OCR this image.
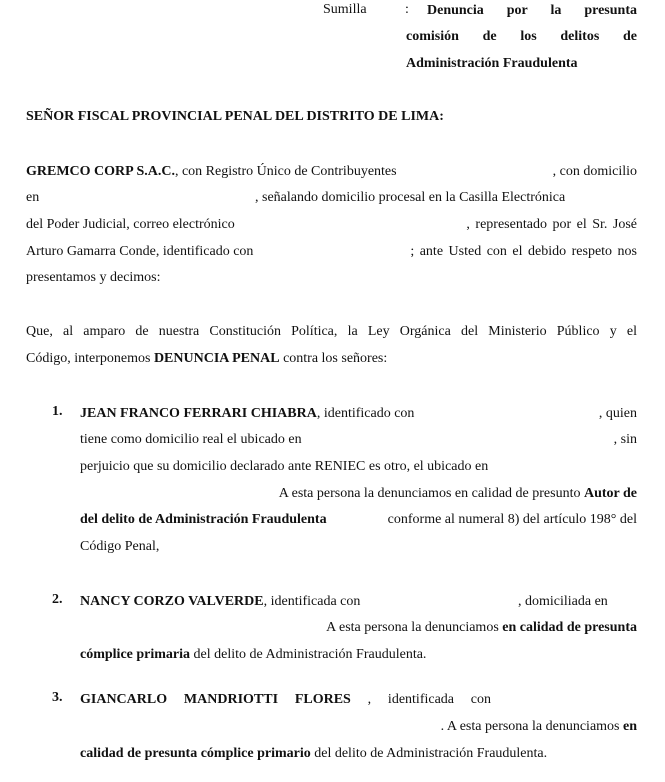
Sumilla	: Denuncia por la presunta
comisión de los delitos de
Administración Fraudulenta
SEÑOR FISCAL PROVINCIAL PENAL DEL DISTRITO DE LIMA:
GREMCO CORP S.A.C., con Registro Único de Contribuyentes	, con domicilio
en	, señalando domicilio procesal en la Casilla Electrónica
del Poder Judicial, correo electrónico	, representado por el Sr. José
Arturo Gamarra Conde, identificado con	; ante Usted con el debido respeto nos
presentamos y decimos:
Que, al amparo de nuestra Constitución Política, la Ley Orgánica del Ministerio Público y el
Código, interponemos DENUNCIA PENAL contra los señores:
1. JEAN FRANCO FERRARI CHIABRA, identificado con	, quien
tiene como domicilio real el ubicado en	, sin
perjuicio que su domicilio declarado ante RENIEC es otro, el ubicado en
A esta persona la denunciamos en calidad de presunto Autor de
del delito de Administración Fraudulenta	conforme al numeral 8) del artículo 198° del
Código Penal,
2. NANCY CORZO VALVERDE, identificada con	, domiciliada en
A esta persona la denunciamos en calidad de presunta
cómplice primaria del delito de Administración Fraudulenta.
3. GIANCARLO MANDRIOTTI FLORES , identificada con
. A esta persona la denunciamos en
calidad de presunta cómplice primario del delito de Administración Fraudulenta.
